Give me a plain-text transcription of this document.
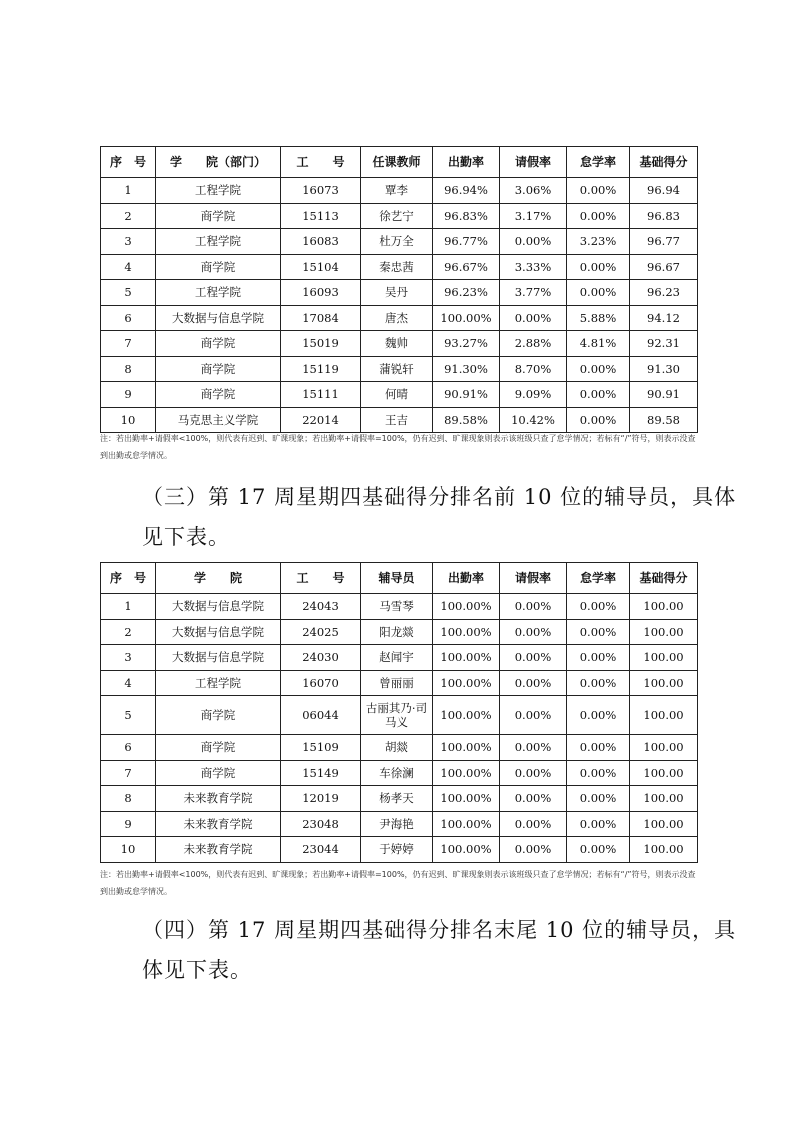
序　号	学　　院（部门）	工　　号	任课教师	出勤率	请假率	怠学率	基础得分
1	工程学院	16073	覃李	96.94%	3.06%	0.00%	96.94
2	商学院	15113	徐艺宁	96.83%	3.17%	0.00%	96.83
3	工程学院	16083	杜万全	96.77%	0.00%	3.23%	96.77
4	商学院	15104	秦忠茜	96.67%	3.33%	0.00%	96.67
5	工程学院	16093	吴丹	96.23%	3.77%	0.00%	96.23
6	大数据与信息学院	17084	唐杰	100.00%	0.00%	5.88%	94.12
7	商学院	15019	魏帅	93.27%	2.88%	4.81%	92.31
8	商学院	15119	蒲锐轩	91.30%	8.70%	0.00%	91.30
9	商学院	15111	何晴	90.91%	9.09%	0.00%	90.91
10	马克思主义学院	22014	王吉	89.58%	10.42%	0.00%	89.58
注：若出勤率+请假率<100%，则代表有迟到、旷课现象；若出勤率+请假率=100%，仍有迟到、旷课现象则表示该班级只查了怠学情况；若标有“/”符号，则表示没查到出勤或怠学情况。
（三）第 17 周星期四基础得分排名前 10 位的辅导员，具体见下表。
序　号	学　　院	工　　号	辅导员	出勤率	请假率	怠学率	基础得分
1	大数据与信息学院	24043	马雪琴	100.00%	0.00%	0.00%	100.00
2	大数据与信息学院	24025	阳龙燚	100.00%	0.00%	0.00%	100.00
3	大数据与信息学院	24030	赵闻宇	100.00%	0.00%	0.00%	100.00
4	工程学院	16070	曾丽丽	100.00%	0.00%	0.00%	100.00
5	商学院	06044	古丽其乃·司马义	100.00%	0.00%	0.00%	100.00
6	商学院	15109	胡燚	100.00%	0.00%	0.00%	100.00
7	商学院	15149	车徐澜	100.00%	0.00%	0.00%	100.00
8	未来教育学院	12019	杨孝天	100.00%	0.00%	0.00%	100.00
9	未来教育学院	23048	尹海艳	100.00%	0.00%	0.00%	100.00
10	未来教育学院	23044	于婷婷	100.00%	0.00%	0.00%	100.00
注：若出勤率+请假率<100%，则代表有迟到、旷课现象；若出勤率+请假率=100%，仍有迟到、旷课现象则表示该班级只查了怠学情况；若标有“/”符号，则表示没查到出勤或怠学情况。
（四）第 17 周星期四基础得分排名末尾 10 位的辅导员，具体见下表。
